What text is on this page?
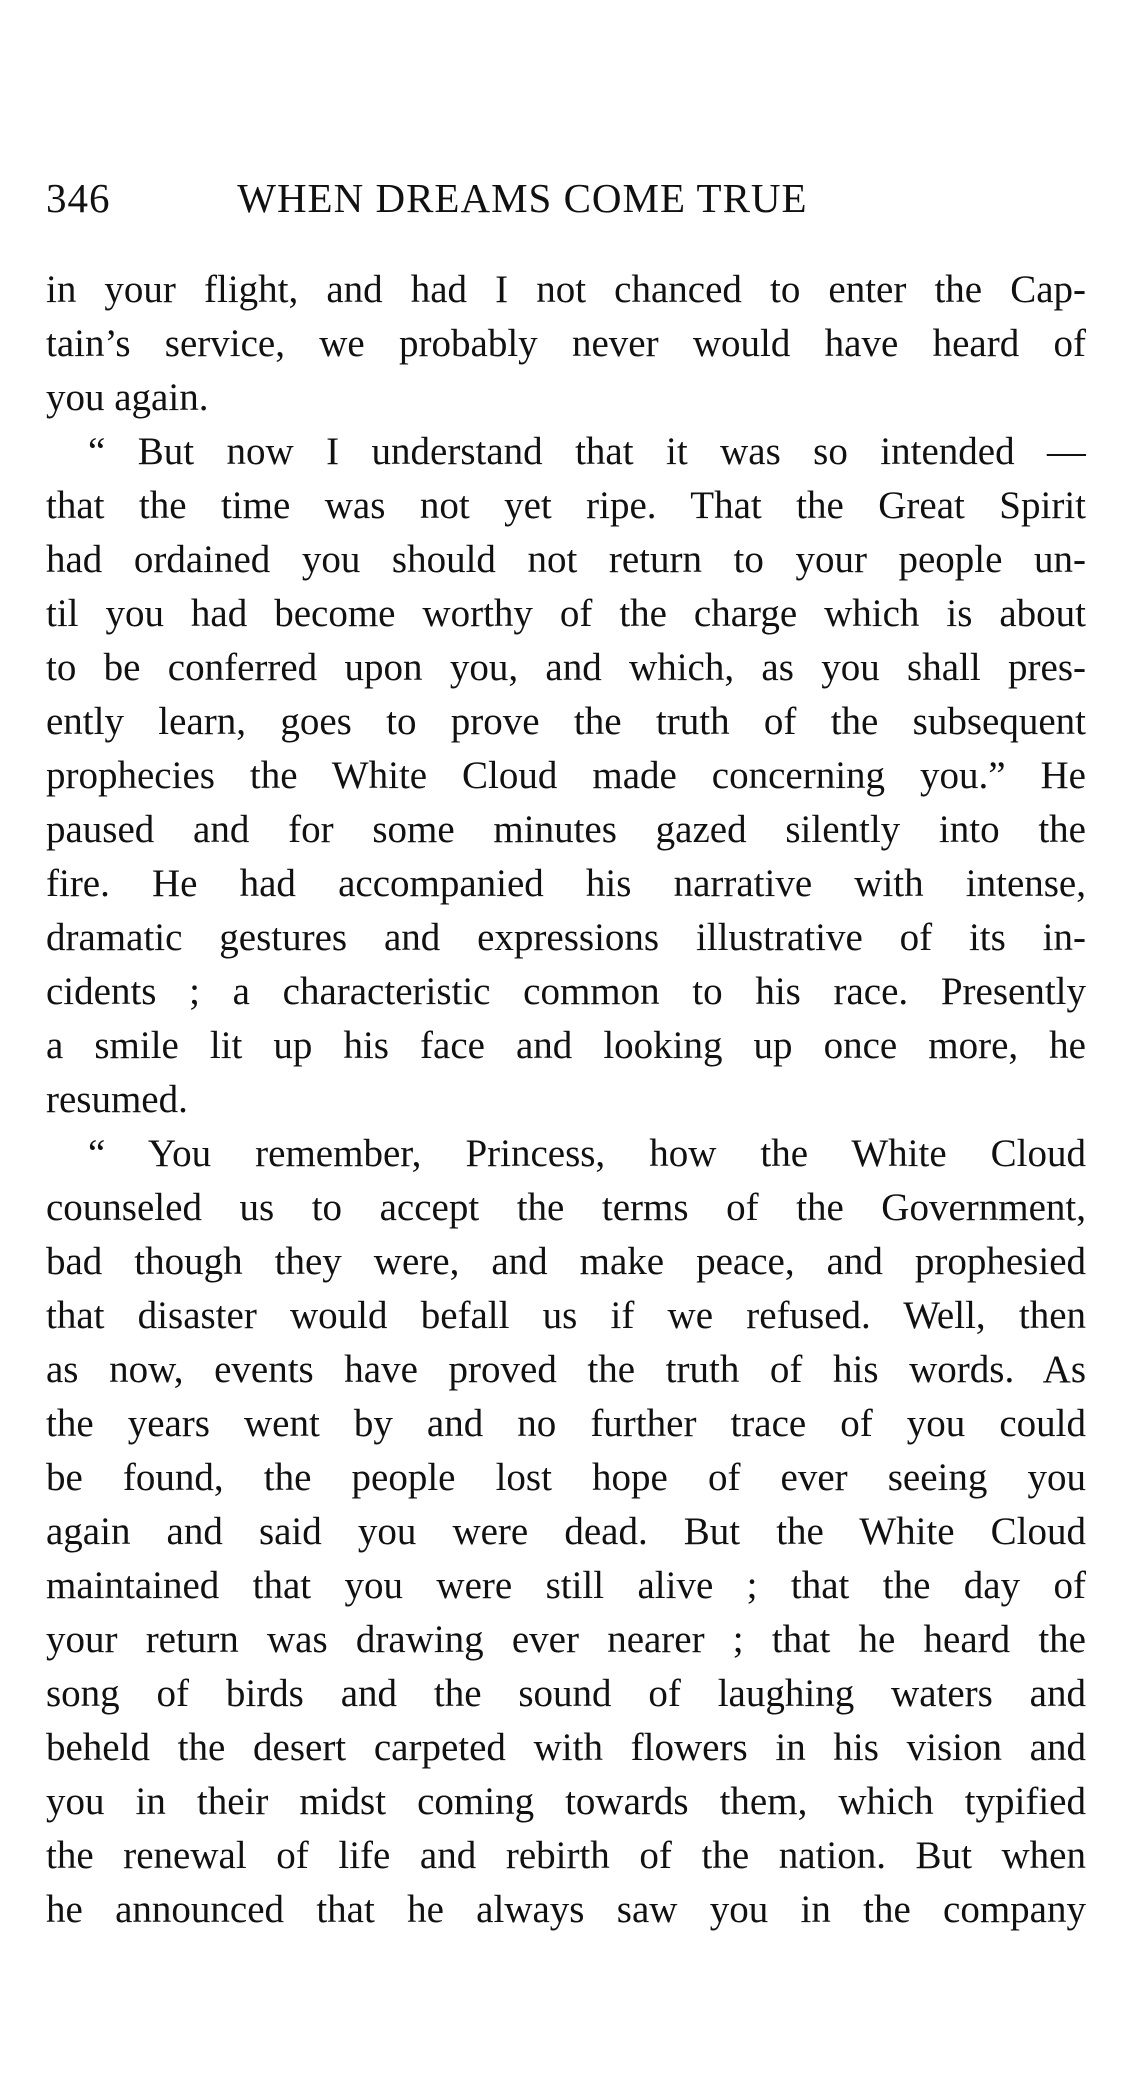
346	WHEN DREAMS COME TRUE
in your flight, and had I not chanced to enter the Cap-
tain’s service, we probably never would have heard of
you again.
“ But now I understand that it was so intended —
that the time was not yet ripe. That the Great Spirit
had ordained you should not return to your people un-
til you had become worthy of the charge which is about
to be conferred upon you, and which, as you shall pres-
ently learn, goes to prove the truth of the subsequent
prophecies the White Cloud made concerning you.” He
paused and for some minutes gazed silently into the
fire. He had accompanied his narrative with intense,
dramatic gestures and expressions illustrative of its in-
cidents ; a characteristic common to his race. Presently
a smile lit up his face and looking up once more, he
resumed.
“ You remember, Princess, how the White Cloud
counseled us to accept the terms of the Government,
bad though they were, and make peace, and prophesied
that disaster would befall us if we refused. Well, then
as now, events have proved the truth of his words. As
the years went by and no further trace of you could
be found, the people lost hope of ever seeing you
again and said you were dead. But the White Cloud
maintained that you were still alive ; that the day of
your return was drawing ever nearer ; that he heard the
song of birds and the sound of laughing waters and
beheld the desert carpeted with flowers in his vision and
you in their midst coming towards them, which typified
the renewal of life and rebirth of the nation. But when
he announced that he always saw you in the company
